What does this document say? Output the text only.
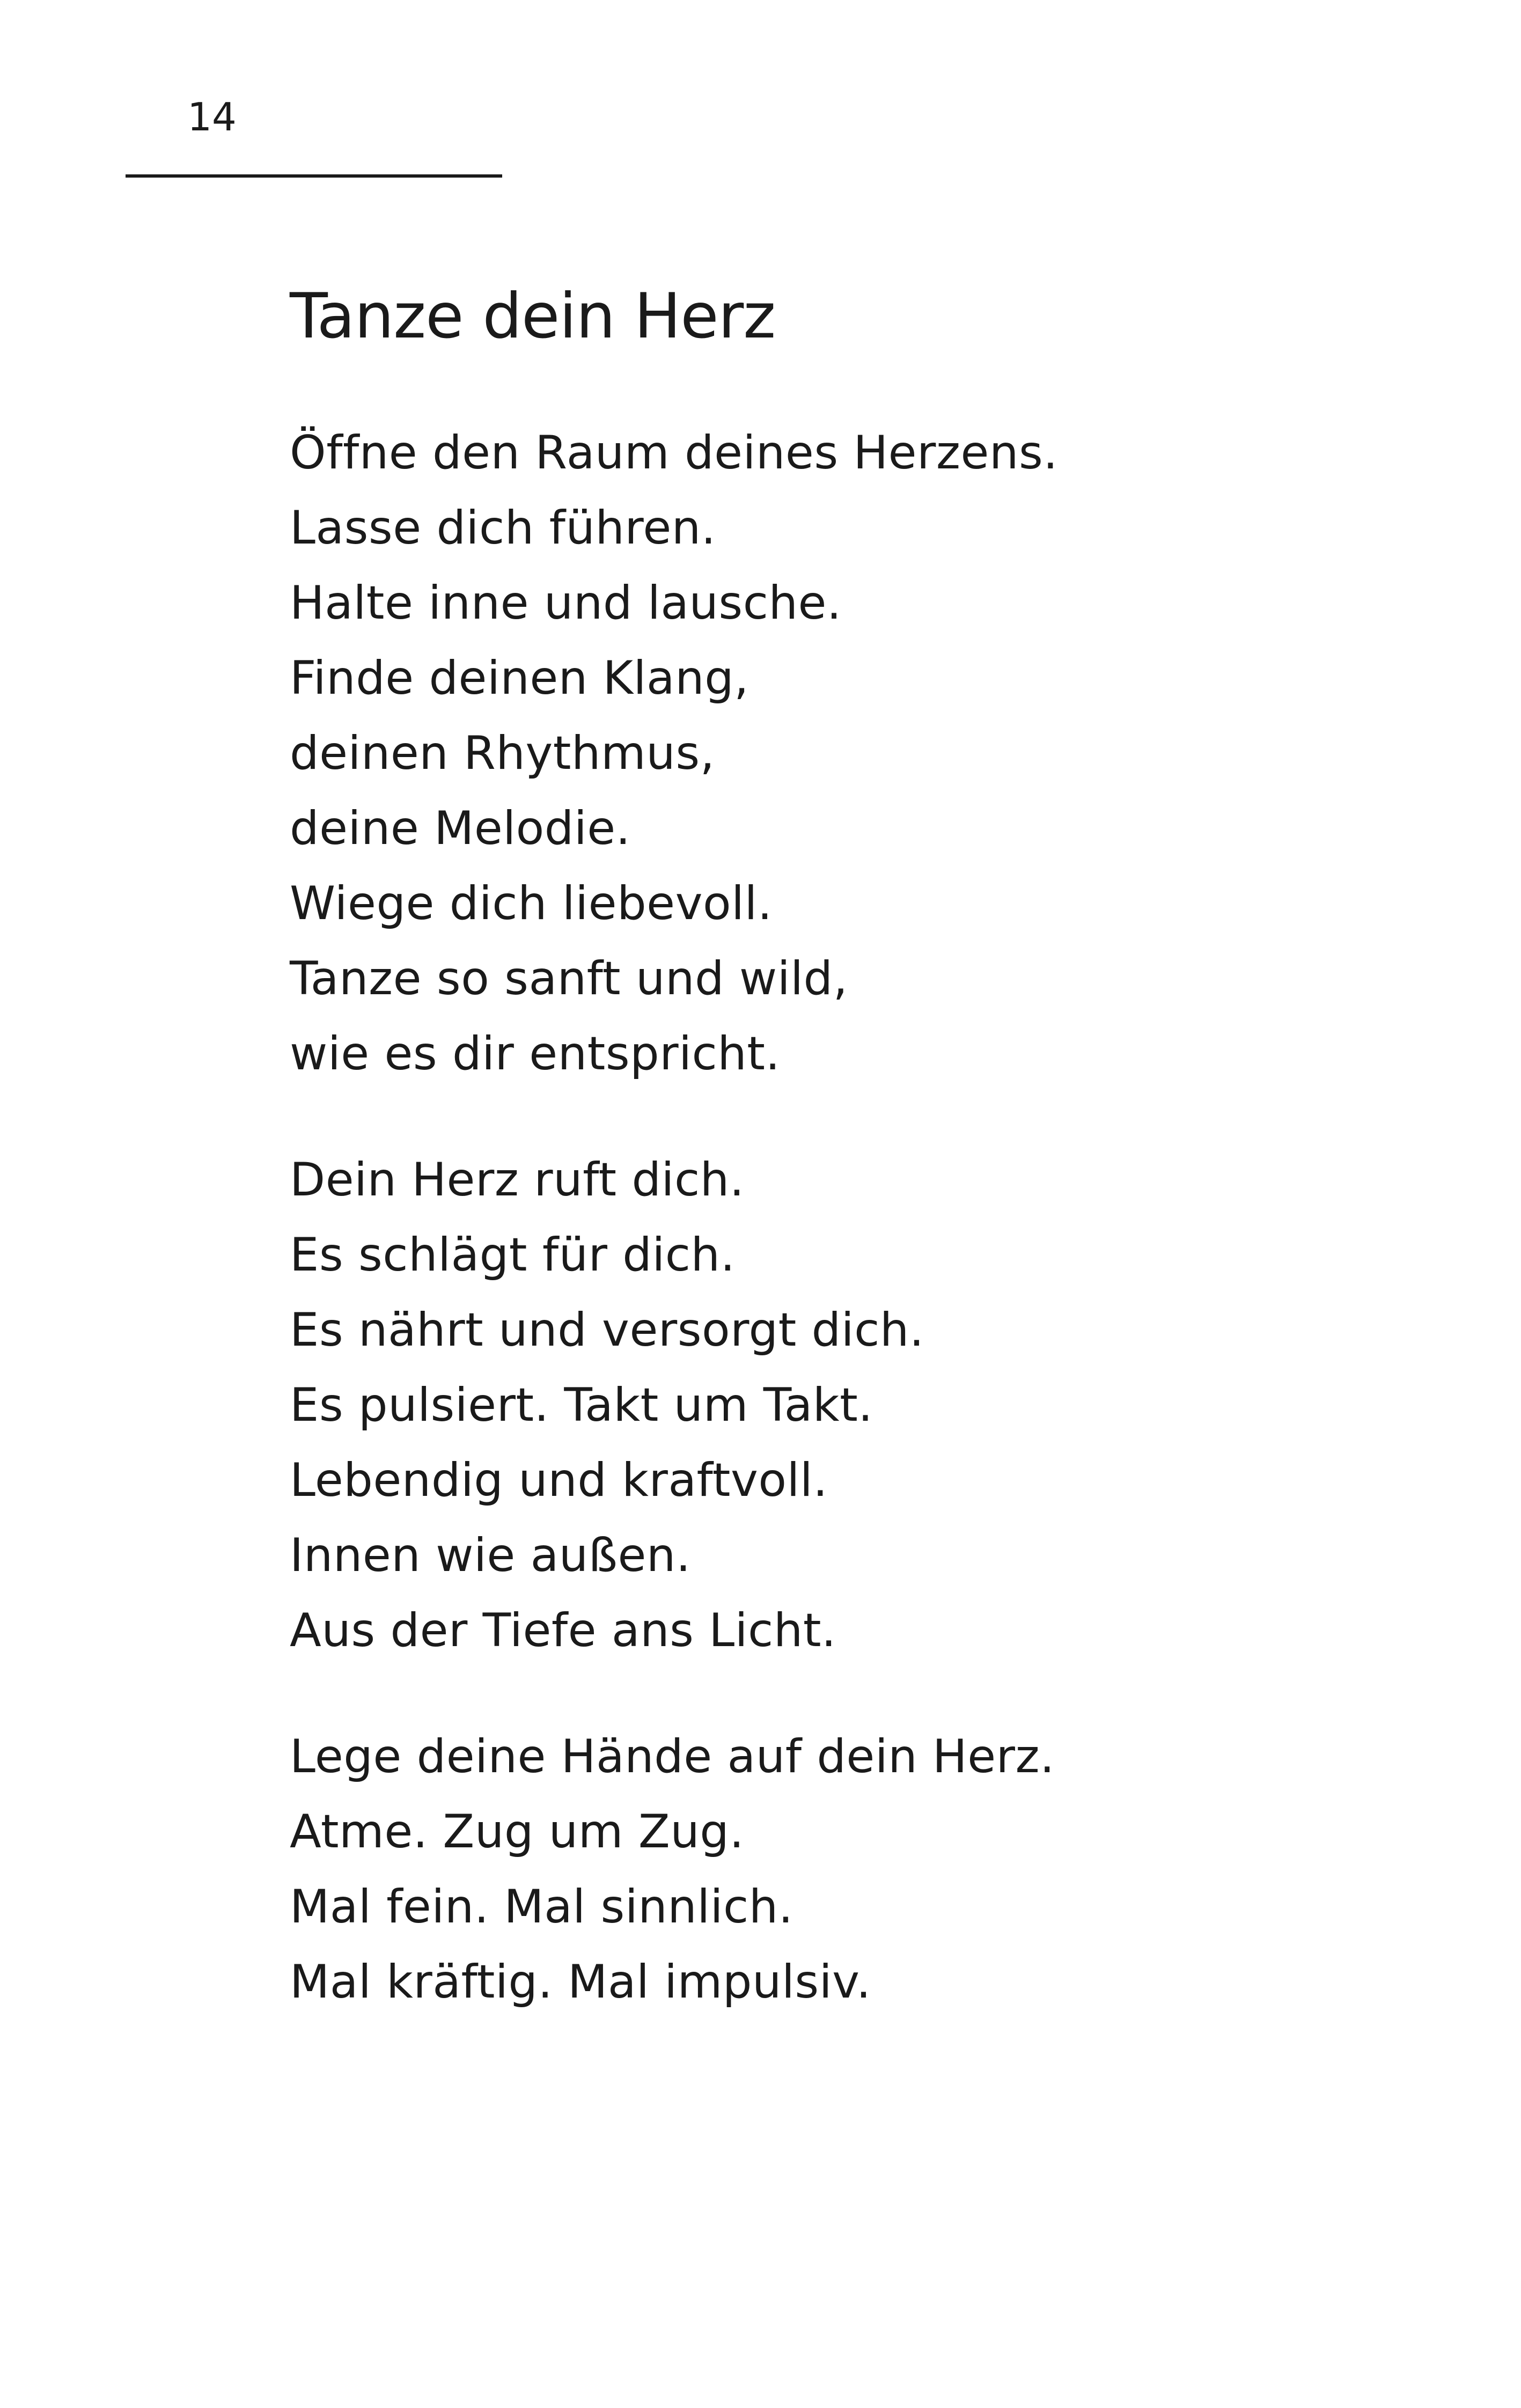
14
Tanze dein Herz

Öffne den Raum deines Herzens.
Lasse dich führen.
Halte inne und lausche.
Finde deinen Klang,
deinen Rhythmus,
deine Melodie.
Wiege dich liebevoll.
Tanze so sanft und wild,
wie es dir entspricht.

Dein Herz ruft dich.
Es schlägt für dich.
Es nährt und versorgt dich.
Es pulsiert. Takt um Takt.
Lebendig und kraftvoll.
Innen wie außen.
Aus der Tiefe ans Licht.

Lege deine Hände auf dein Herz.
Atme. Zug um Zug.
Mal fein. Mal sinnlich.
Mal kräftig. Mal impulsiv.
